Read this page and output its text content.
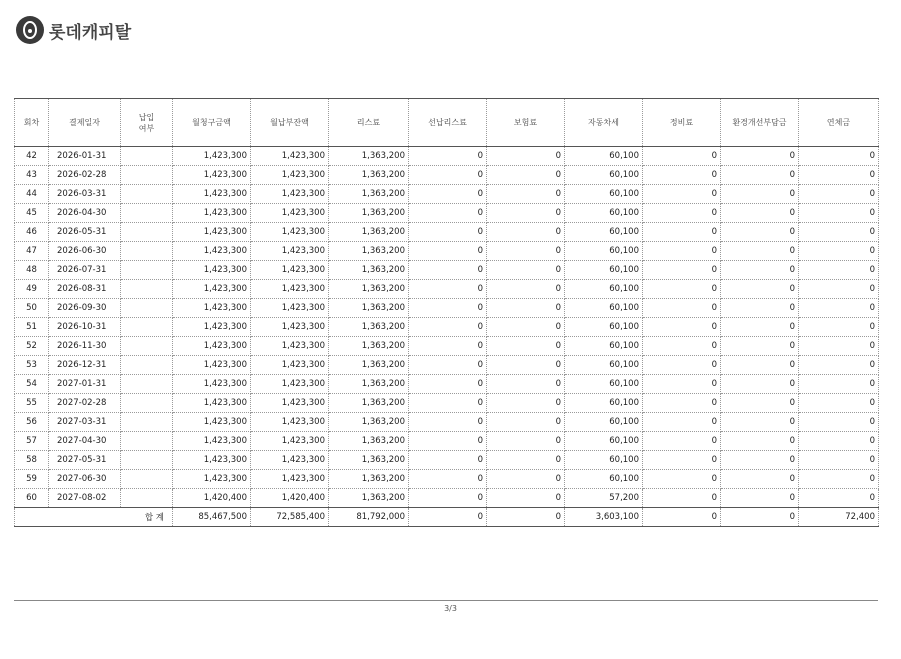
롯데캐피탈
회차	결제일자	납입
여부	월청구금액	월납부잔액	리스료	선납리스료	보험료	자동차세	정비료	환경개선부담금	연체금
42	2026-01-31		1,423,300	1,423,300	1,363,200	0	0	60,100	0	0	0
43	2026-02-28		1,423,300	1,423,300	1,363,200	0	0	60,100	0	0	0
44	2026-03-31		1,423,300	1,423,300	1,363,200	0	0	60,100	0	0	0
45	2026-04-30		1,423,300	1,423,300	1,363,200	0	0	60,100	0	0	0
46	2026-05-31		1,423,300	1,423,300	1,363,200	0	0	60,100	0	0	0
47	2026-06-30		1,423,300	1,423,300	1,363,200	0	0	60,100	0	0	0
48	2026-07-31		1,423,300	1,423,300	1,363,200	0	0	60,100	0	0	0
49	2026-08-31		1,423,300	1,423,300	1,363,200	0	0	60,100	0	0	0
50	2026-09-30		1,423,300	1,423,300	1,363,200	0	0	60,100	0	0	0
51	2026-10-31		1,423,300	1,423,300	1,363,200	0	0	60,100	0	0	0
52	2026-11-30		1,423,300	1,423,300	1,363,200	0	0	60,100	0	0	0
53	2026-12-31		1,423,300	1,423,300	1,363,200	0	0	60,100	0	0	0
54	2027-01-31		1,423,300	1,423,300	1,363,200	0	0	60,100	0	0	0
55	2027-02-28		1,423,300	1,423,300	1,363,200	0	0	60,100	0	0	0
56	2027-03-31		1,423,300	1,423,300	1,363,200	0	0	60,100	0	0	0
57	2027-04-30		1,423,300	1,423,300	1,363,200	0	0	60,100	0	0	0
58	2027-05-31		1,423,300	1,423,300	1,363,200	0	0	60,100	0	0	0
59	2027-06-30		1,423,300	1,423,300	1,363,200	0	0	60,100	0	0	0
60	2027-08-02		1,420,400	1,420,400	1,363,200	0	0	57,200	0	0	0
합 계			85,467,500	72,585,400	81,792,000	0	0	3,603,100	0	0	72,400
3/3
